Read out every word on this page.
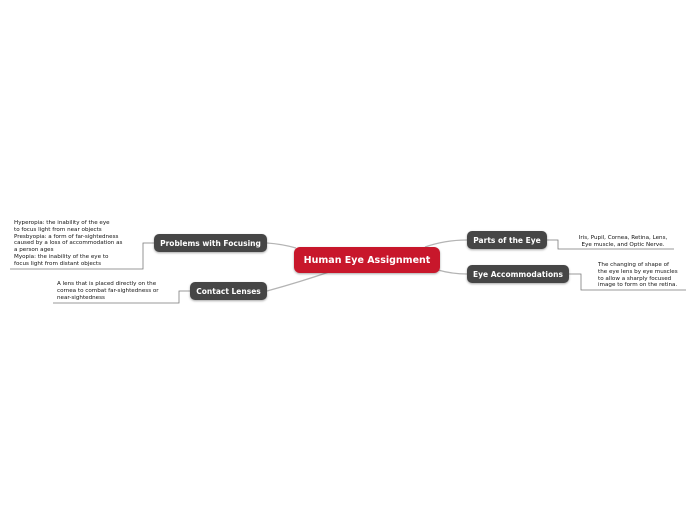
Human Eye Assignment
Parts of the Eye
Eye Accommodations
Problems with Focusing
Contact Lenses
Iris, Pupil, Cornea, Retina, Lens,
Eye muscle, and Optic Nerve.
The changing of shape of
the eye lens by eye muscles
to allow a sharply focused
image to form on the retina.
Hyperopia: the inability of the eye
to focus light from near objects
Presbyopia: a form of far-sightedness
caused by a loss of accommodation as
a person ages
Myopia: the inability of the eye to
focus light from distant objects
A lens that is placed directly on the
cornea to combat far-sightedness or
near-sightedness
